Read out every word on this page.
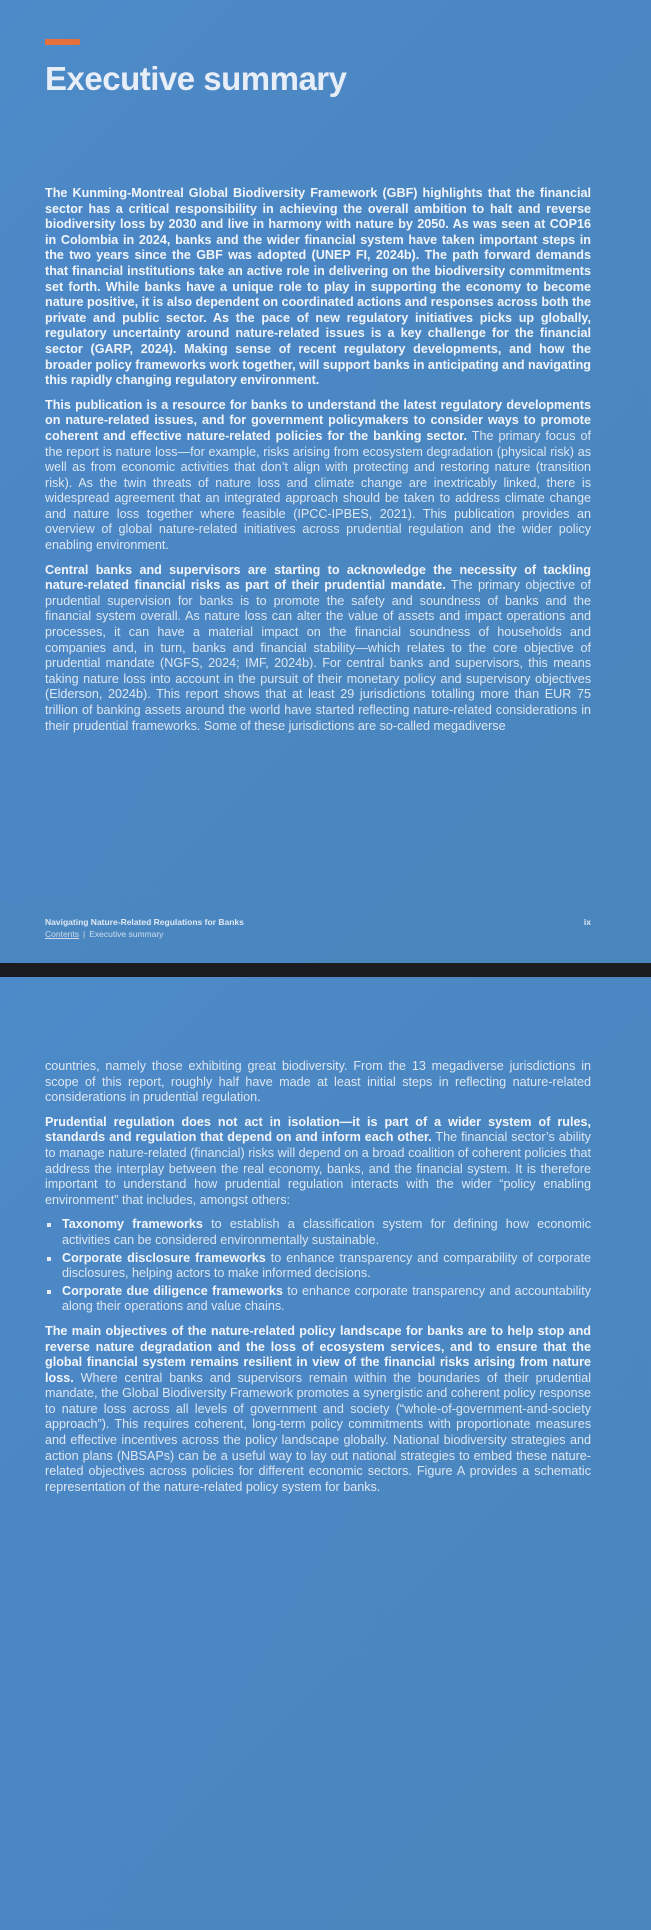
Executive summary

The Kunming-Montreal Global Biodiversity Framework (GBF) highlights that the financial sector has a critical responsibility in achieving the overall ambition to halt and reverse biodiversity loss by 2030 and live in harmony with nature by 2050. As was seen at COP16 in Colombia in 2024, banks and the wider financial system have taken important steps in the two years since the GBF was adopted (UNEP FI, 2024b). The path forward demands that financial institutions take an active role in delivering on the biodiversity commitments set forth. While banks have a unique role to play in supporting the economy to become nature positive, it is also dependent on coordinated actions and responses across both the private and public sector. As the pace of new regulatory initiatives picks up globally, regulatory uncertainty around nature-related issues is a key challenge for the financial sector (GARP, 2024). Making sense of recent regulatory developments, and how the broader policy frameworks work together, will support banks in anticipating and navigating this rapidly changing regulatory environment.

This publication is a resource for banks to understand the latest regulatory developments on nature-related issues, and for government policymakers to consider ways to promote coherent and effective nature-related policies for the banking sector. The primary focus of the report is nature loss—for example, risks arising from ecosystem degradation (physical risk) as well as from economic activities that don’t align with protecting and restoring nature (transition risk). As the twin threats of nature loss and climate change are inextricably linked, there is widespread agreement that an integrated approach should be taken to address climate change and nature loss together where feasible (IPCC-IPBES, 2021). This publication provides an overview of global nature-related initiatives across prudential regulation and the wider policy enabling environment.

Central banks and supervisors are starting to acknowledge the necessity of tackling nature-related financial risks as part of their prudential mandate. The primary objective of prudential supervision for banks is to promote the safety and soundness of banks and the financial system overall. As nature loss can alter the value of assets and impact operations and processes, it can have a material impact on the financial soundness of households and companies and, in turn, banks and financial stability—which relates to the core objective of prudential mandate (NGFS, 2024; IMF, 2024b). For central banks and supervisors, this means taking nature loss into account in the pursuit of their monetary policy and supervisory objectives (Elderson, 2024b). This report shows that at least 29 jurisdictions totalling more than EUR 75 trillion of banking assets around the world have started reflecting nature-related considerations in their prudential frameworks. Some of these jurisdictions are so-called megadiverse

Navigating Nature-Related Regulations for Banks
Contents | Executive summary
ix

countries, namely those exhibiting great biodiversity. From the 13 megadiverse jurisdictions in scope of this report, roughly half have made at least initial steps in reflecting nature-related considerations in prudential regulation.

Prudential regulation does not act in isolation—it is part of a wider system of rules, standards and regulation that depend on and inform each other. The financial sector’s ability to manage nature-related (financial) risks will depend on a broad coalition of coherent policies that address the interplay between the real economy, banks, and the financial system. It is therefore important to understand how prudential regulation interacts with the wider “policy enabling environment” that includes, amongst others:

Taxonomy frameworks to establish a classification system for defining how economic activities can be considered environmentally sustainable.
Corporate disclosure frameworks to enhance transparency and comparability of corporate disclosures, helping actors to make informed decisions.
Corporate due diligence frameworks to enhance corporate transparency and accountability along their operations and value chains.

The main objectives of the nature-related policy landscape for banks are to help stop and reverse nature degradation and the loss of ecosystem services, and to ensure that the global financial system remains resilient in view of the financial risks arising from nature loss. Where central banks and supervisors remain within the boundaries of their prudential mandate, the Global Biodiversity Framework promotes a synergistic and coherent policy response to nature loss across all levels of government and society (“whole-of-government-and-society approach”). This requires coherent, long-term policy commitments with proportionate measures and effective incentives across the policy landscape globally. National biodiversity strategies and action plans (NBSAPs) can be a useful way to lay out national strategies to embed these nature-related objectives across policies for different economic sectors. Figure A provides a schematic representation of the nature-related policy system for banks.
